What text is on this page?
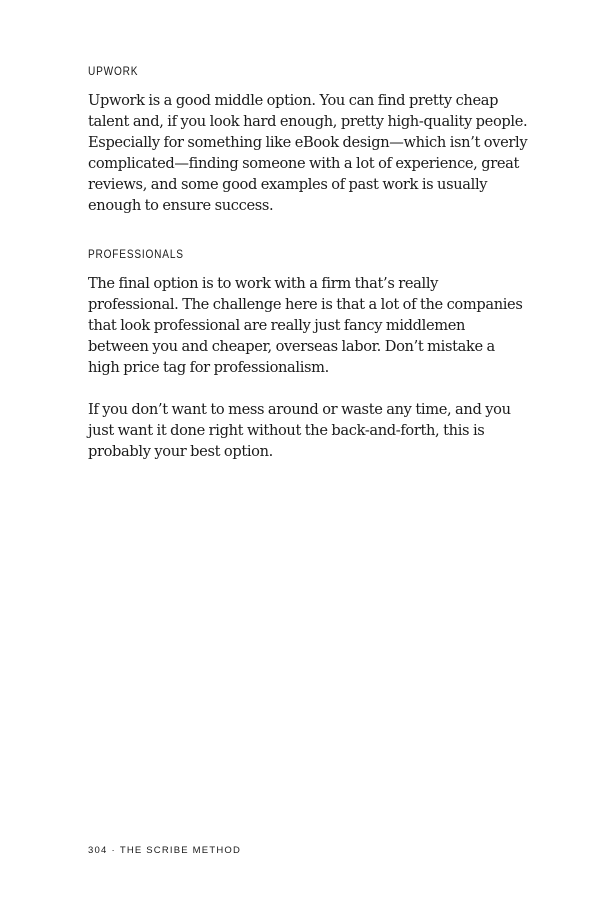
UPWORK

Upwork is a good middle option. You can find pretty cheap talent and, if you look hard enough, pretty high-quality people. Especially for something like eBook design—which isn’t overly complicated—finding someone with a lot of experience, great reviews, and some good examples of past work is usually enough to ensure success.

PROFESSIONALS

The final option is to work with a firm that’s really professional. The challenge here is that a lot of the companies that look professional are really just fancy middlemen between you and cheaper, overseas labor. Don’t mistake a high price tag for professionalism.

If you don’t want to mess around or waste any time, and you just want it done right without the back-and-forth, this is probably your best option.

304 · THE SCRIBE METHOD
